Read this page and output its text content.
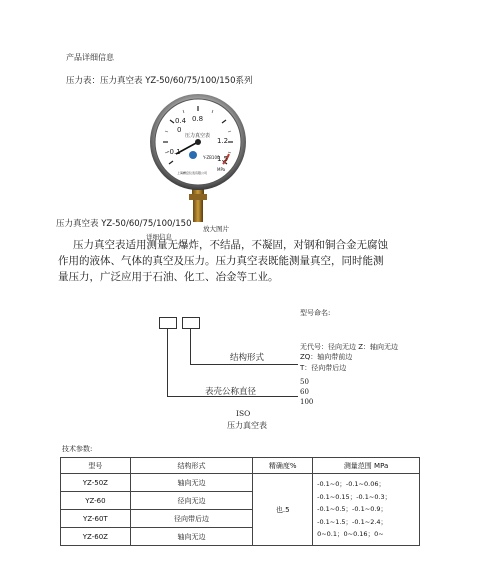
产品详细信息
压力表：压力真空表 YZ-50/60/75/100/150系列
0
0.4 0.8
1.2
1.5
-0.1
压力真空表
Y-ZB100
MPa
上海精密仪表有限公司
压力真空表 YZ-50/60/75/100/150 放大图片
详细信息
压力真空表适用测量无爆炸，不结晶，不凝固，对钢和铜合金无腐蚀
作用的液体、气体的真空及压力。压力真空表既能测量真空，同时能测
量压力，广泛应用于石油、化工、冶金等工业。
型号命名:
结构形式
无代号：径向无边 Z：轴向无边
ZQ：轴向带前边
T：径向带后边
表壳公称直径
50
60
100
ISO
压力真空表
技术参数:
型号	结构形式	精确度%	测量范围 MPa
YZ-50Z	轴向无边	也.5	-0.1~0；-0.1~0.06；
-0.1~0.15；-0.1~0.3；
-0.1~0.5；-0.1~0.9；
-0.1~1.5；-0.1~2.4；
0~0.1；0~0.16；0~

YZ-60	径向无边		
YZ-60T	径向带后边		
YZ-60Z	轴向无边		
